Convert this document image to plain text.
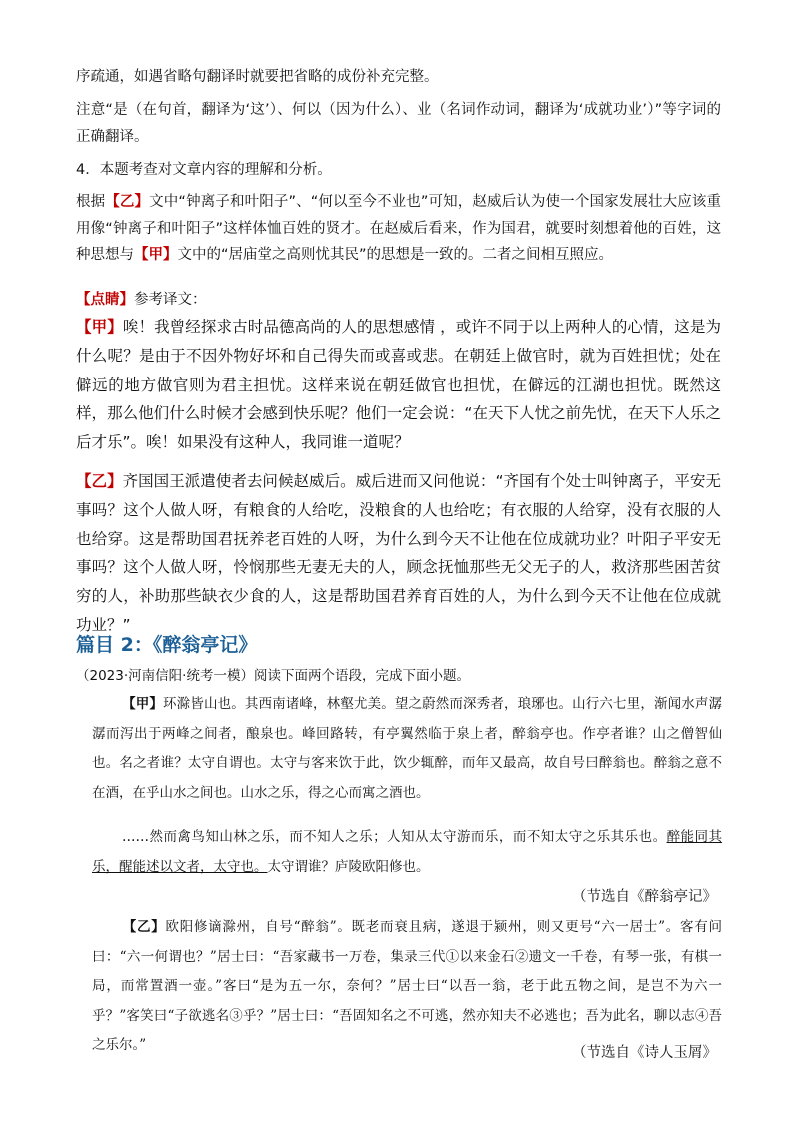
序疏通，如遇省略句翻译时就要把省略的成份补充完整。

注意“是（在句首，翻译为‘这’）、何以（因为什么）、业（名词作动词，翻译为‘成就功业’）”等字词的正确翻译。

4．本题考查对文章内容的理解和分析。

根据【乙】文中“钟离子和叶阳子”、“何以至今不业也”可知，赵威后认为使一个国家发展壮大应该重用像“钟离子和叶阳子”这样体恤百姓的贤才。在赵威后看来，作为国君，就要时刻想着他的百姓，这种思想与【甲】文中的“居庙堂之高则忧其民”的思想是一致的。二者之间相互照应。

【点睛】参考译文：

【甲】唉！我曾经探求古时品德高尚的人的思想感情 ，或许不同于以上两种人的心情，这是为什么呢？是由于不因外物好坏和自己得失而或喜或悲。在朝廷上做官时，就为百姓担忧；处在僻远的地方做官则为君主担忧。这样来说在朝廷做官也担忧，在僻远的江湖也担忧。既然这样，那么他们什么时候才会感到快乐呢？他们一定会说：“在天下人忧之前先忧，在天下人乐之后才乐”。唉！如果没有这种人，我同谁一道呢？

【乙】齐国国王派遣使者去问候赵威后。威后进而又问他说：“齐国有个处士叫钟离子，平安无事吗？这个人做人呀，有粮食的人给吃，没粮食的人也给吃；有衣服的人给穿，没有衣服的人也给穿。这是帮助国君抚养老百姓的人呀，为什么到今天不让他在位成就功业？叶阳子平安无事吗？这个人做人呀，怜悯那些无妻无夫的人，顾念抚恤那些无父无子的人，救济那些困苦贫穷的人，补助那些缺衣少食的人，这是帮助国君养育百姓的人，为什么到今天不让他在位成就功业？”

篇目 2：《醉翁亭记》

（2023·河南信阳·统考一模）阅读下面两个语段，完成下面小题。

【甲】环滁皆山也。其西南诸峰，林壑尤美。望之蔚然而深秀者，琅琊也。山行六七里，渐闻水声潺潺而泻出于两峰之间者，酿泉也。峰回路转，有亭翼然临于泉上者，醉翁亭也。作亭者谁？山之僧智仙也。名之者谁？太守自谓也。太守与客来饮于此，饮少辄醉，而年又最高，故自号曰醉翁也。醉翁之意不在酒，在乎山水之间也。山水之乐，得之心而寓之酒也。

……然而禽鸟知山林之乐，而不知人之乐；人知从太守游而乐，而不知太守之乐其乐也。醉能同其乐，醒能述以文者，太守也。太守谓谁？庐陵欧阳修也。

（节选自《醉翁亭记》

【乙】欧阳修谪滁州，自号“醉翁”。既老而衰且病，遂退于颍州，则又更号“六一居士”。客有问曰：“六一何谓也？”居士曰：“吾家藏书一万卷，集录三代①以来金石②遗文一千卷，有琴一张，有棋一局，而常置酒一壶。”客曰“是为五一尔，奈何？”居士曰“以吾一翁，老于此五物之间，是岂不为六一乎？”客笑曰“子欲逃名③乎？”居士曰：“吾固知名之不可逃，然亦知夫不必逃也；吾为此名，聊以志④吾之乐尔。”	（节选自《诗人玉屑》
